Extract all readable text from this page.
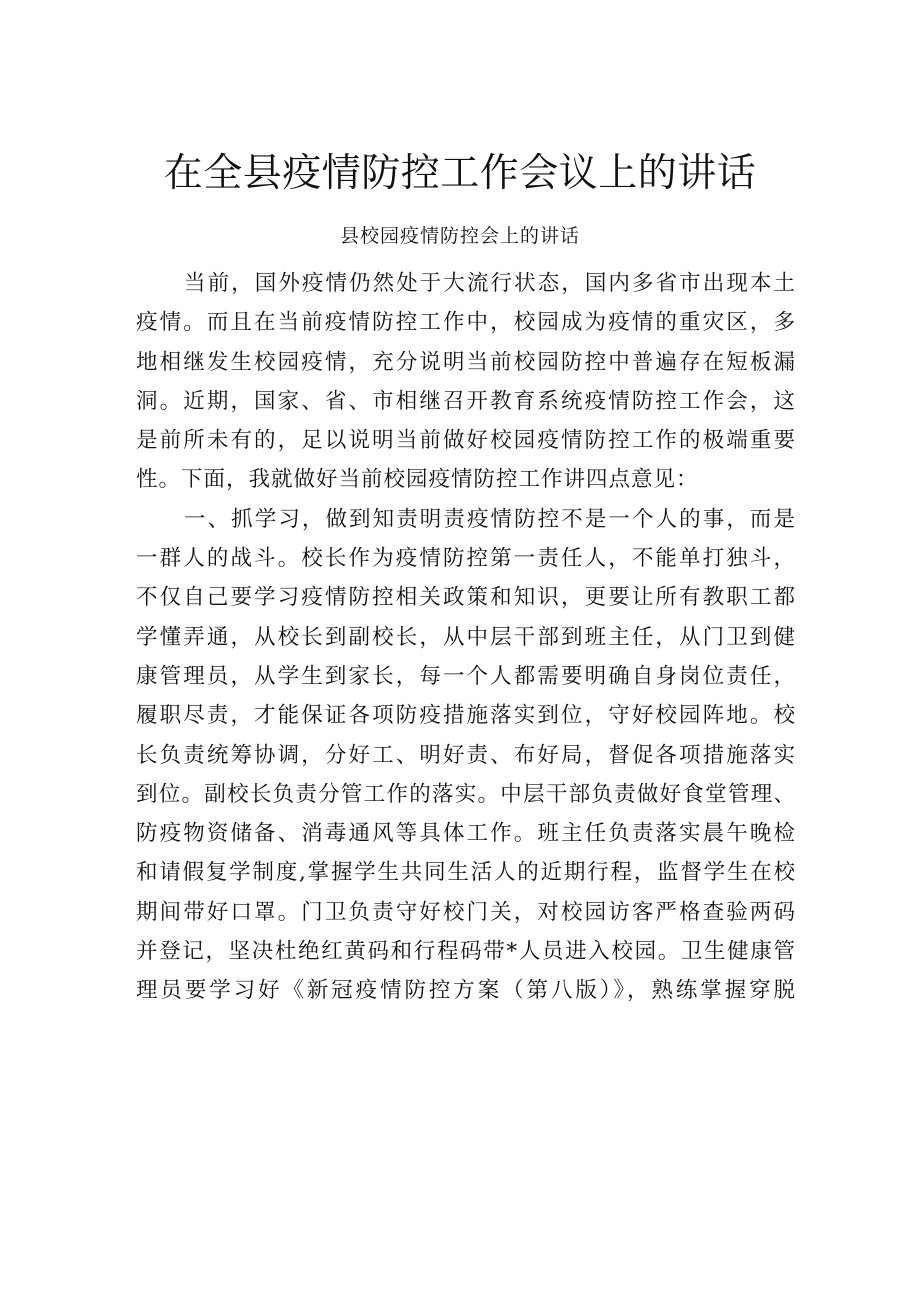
在全县疫情防控工作会议上的讲话

县校园疫情防控会上的讲话

当前，国外疫情仍然处于大流行状态，国内多省市出现本土
疫情。而且在当前疫情防控工作中，校园成为疫情的重灾区，多
地相继发生校园疫情，充分说明当前校园防控中普遍存在短板漏
洞。近期，国家、省、市相继召开教育系统疫情防控工作会，这
是前所未有的，足以说明当前做好校园疫情防控工作的极端重要
性。下面，我就做好当前校园疫情防控工作讲四点意见：
一、抓学习，做到知责明责疫情防控不是一个人的事，而是
一群人的战斗。校长作为疫情防控第一责任人，不能单打独斗，
不仅自己要学习疫情防控相关政策和知识，更要让所有教职工都
学懂弄通，从校长到副校长，从中层干部到班主任，从门卫到健
康管理员，从学生到家长，每一个人都需要明确自身岗位责任，
履职尽责，才能保证各项防疫措施落实到位，守好校园阵地。校
长负责统筹协调，分好工、明好责、布好局，督促各项措施落实
到位。副校长负责分管工作的落实。中层干部负责做好食堂管理、
防疫物资储备、消毒通风等具体工作。班主任负责落实晨午晚检
和请假复学制度,掌握学生共同生活人的近期行程，监督学生在校
期间带好口罩。门卫负责守好校门关，对校园访客严格查验两码
并登记，坚决杜绝红黄码和行程码带*人员进入校园。卫生健康管
理员要学习好《新冠疫情防控方案（第八版）》，熟练掌握穿脱
